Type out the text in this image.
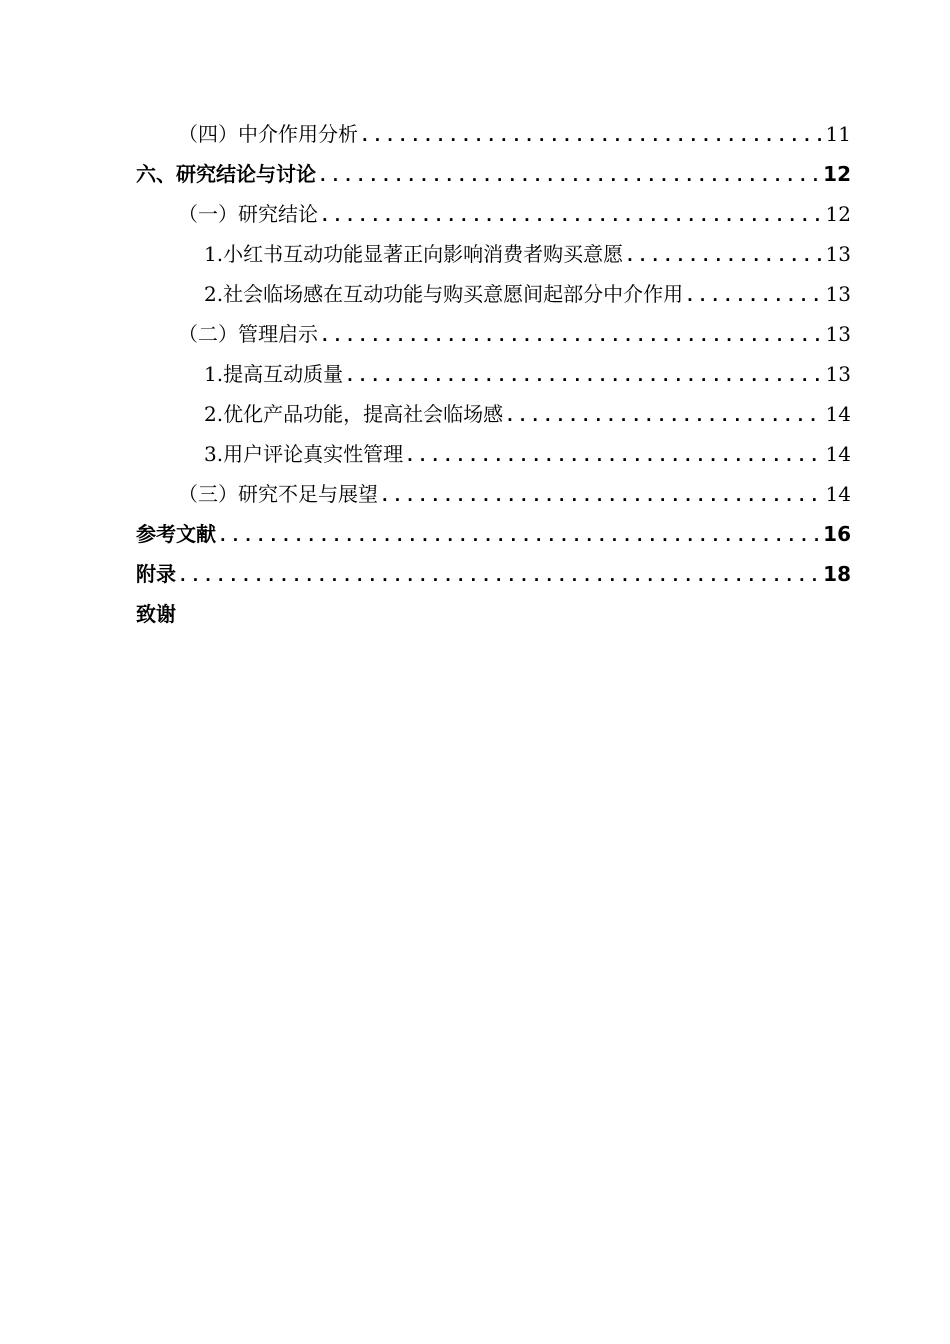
（四）中介作用分析 .....	11
六、研究结论与讨论 .....	12
（一）研究结论 .....	12
1.小红书互动功能显著正向影响消费者购买意愿 .....	13
2.社会临场感在互动功能与购买意愿间起部分中介作用 .....	13
（二）管理启示 .....	13
1.提高互动质量 .....	13
2.优化产品功能，提高社会临场感 .....	14
3.用户评论真实性管理 .....	14
（三）研究不足与展望 .....	14
参考文献 .....	16
附录 .....	18
致谢
